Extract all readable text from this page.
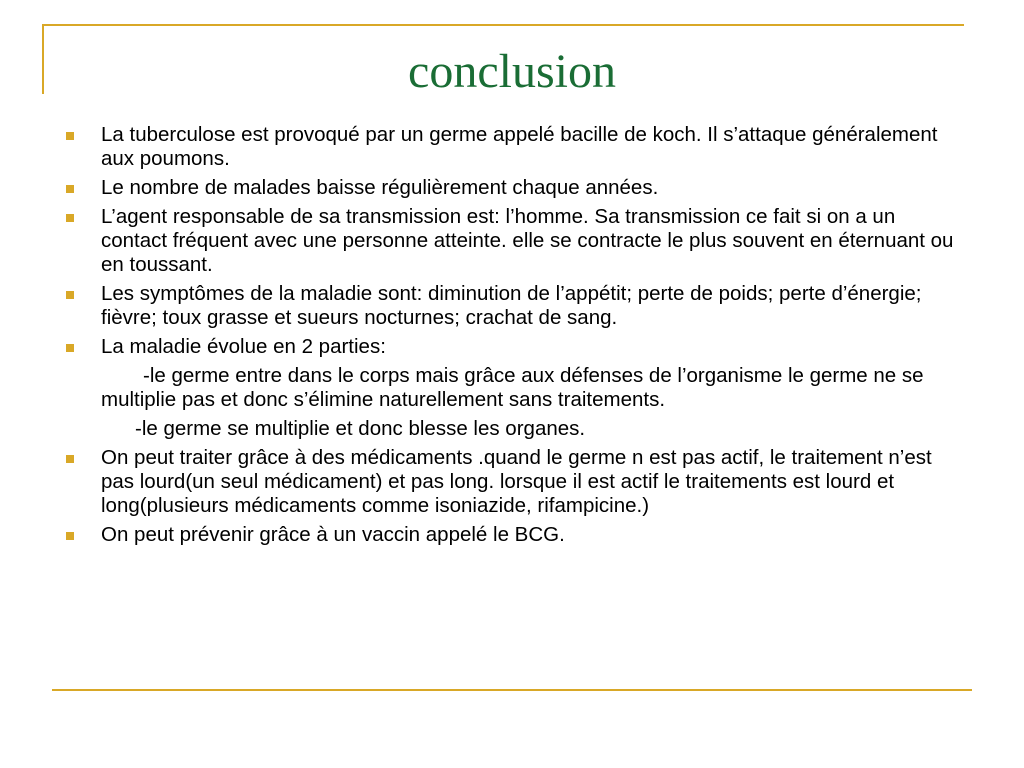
conclusion
La tuberculose est provoqué par un germe appelé bacille de koch. Il s’attaque généralement aux poumons.
Le nombre de malades baisse régulièrement chaque années.
L’agent responsable de sa transmission est: l’homme. Sa transmission ce fait si on a un contact fréquent avec une personne atteinte. elle se contracte le plus souvent en éternuant ou en toussant.
Les symptômes de la maladie sont: diminution de l’appétit; perte de poids; perte d’énergie; fièvre; toux grasse et sueurs nocturnes; crachat de sang.
La maladie évolue en 2 parties:
-le germe entre dans le corps mais grâce aux défenses de l’organisme le germe ne se multiplie pas et donc s’élimine naturellement sans traitements.
-le germe se multiplie et donc blesse les organes.
On peut traiter grâce à des médicaments .quand le germe n est pas actif, le traitement n’est pas lourd(un seul médicament) et pas long. lorsque il est actif le traitements est lourd et long(plusieurs médicaments comme isoniazide, rifampicine.)
On peut prévenir grâce à un vaccin appelé le BCG.
